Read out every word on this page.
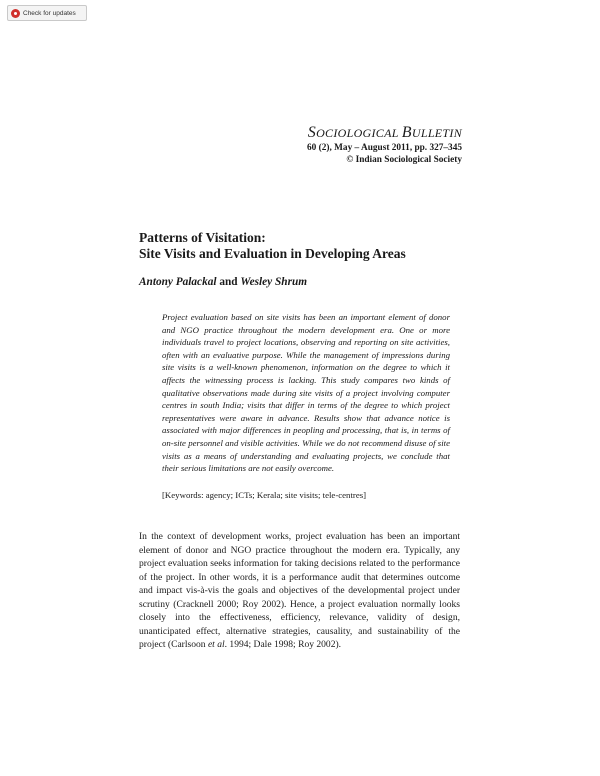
Check for updates
SOCIOLOGICAL BULLETIN
60 (2), May – August 2011, pp. 327–345
© Indian Sociological Society
Patterns of Visitation:
Site Visits and Evaluation in Developing Areas
Antony Palackal and Wesley Shrum

Project evaluation based on site visits has been an important element of donor and NGO practice throughout the modern development era. One or more individuals travel to project locations, observing and reporting on site activities, often with an evaluative purpose. While the management of impressions during site visits is a well-known phenomenon, information on the degree to which it affects the witnessing process is lacking. This study compares two kinds of qualitative observations made during site visits of a project involving computer centres in south India; visits that differ in terms of the degree to which project representatives were aware in advance. Results show that advance notice is associated with major differences in peopling and processing, that is, in terms of on-site personnel and visible activities. While we do not recommend disuse of site visits as a means of understanding and evaluating projects, we conclude that their serious limitations are not easily overcome.

[Keywords: agency; ICTs; Kerala; site visits; tele-centres]

In the context of development works, project evaluation has been an important element of donor and NGO practice throughout the modern era. Typically, any project evaluation seeks information for taking decisions related to the performance of the project. In other words, it is a performance audit that determines outcome and impact vis-à-vis the goals and objectives of the developmental project under scrutiny (Cracknell 2000; Roy 2002). Hence, a project evaluation normally looks closely into the effectiveness, efficiency, relevance, validity of design, unanticipated effect, alternative strategies, causality, and sustainability of the project (Carlsoon et al. 1994; Dale 1998; Roy 2002).
